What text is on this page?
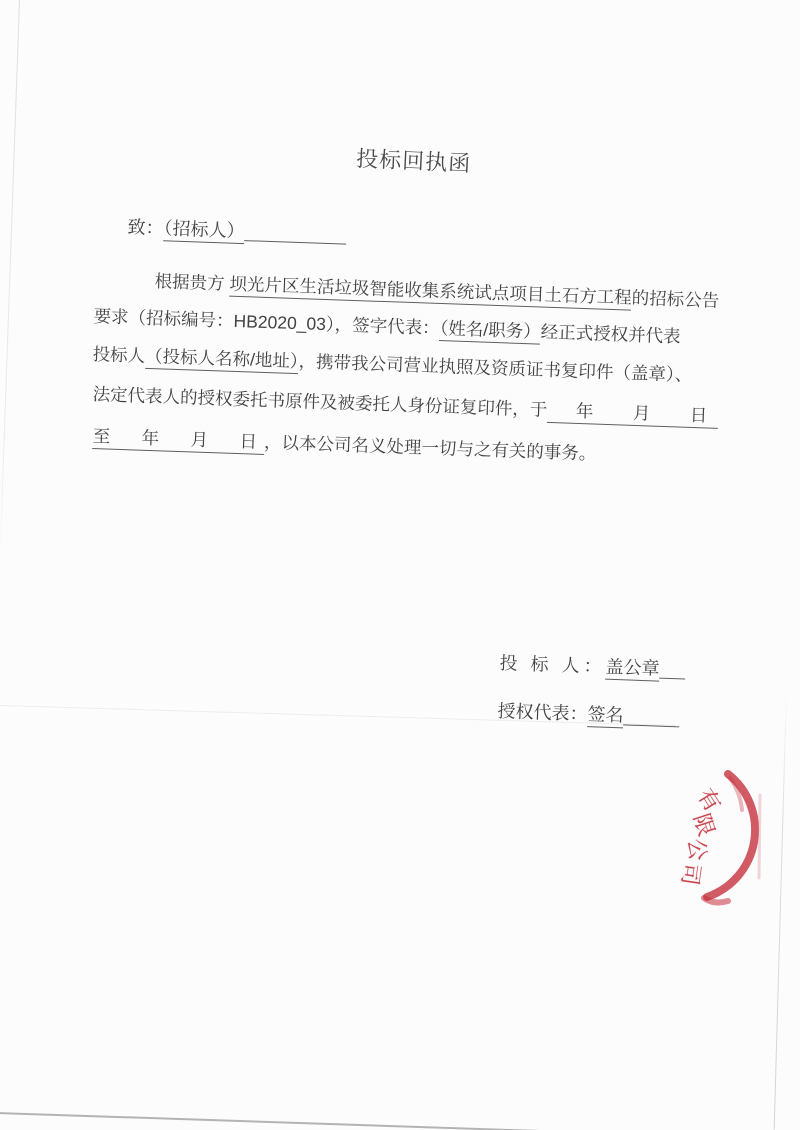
投标回执函
致：（招标人）
根据贵方 坝光片区生活垃圾智能收集系统试点项目土石方工程的招标公告
要求（招标编号：HB2020_03），签字代表：（姓名/职务）经正式授权并代表
投标人（投标人名称/地址），携带我公司营业执照及资质证书复印件（盖章）、
法定代表人的授权委托书原件及被委托人身份证复印件，于　年　月　日
至　年　月　日，以本公司名义处理一切与之有关的事务。
投 标 人：盖公章
授权代表：签名
有
限
公
司
